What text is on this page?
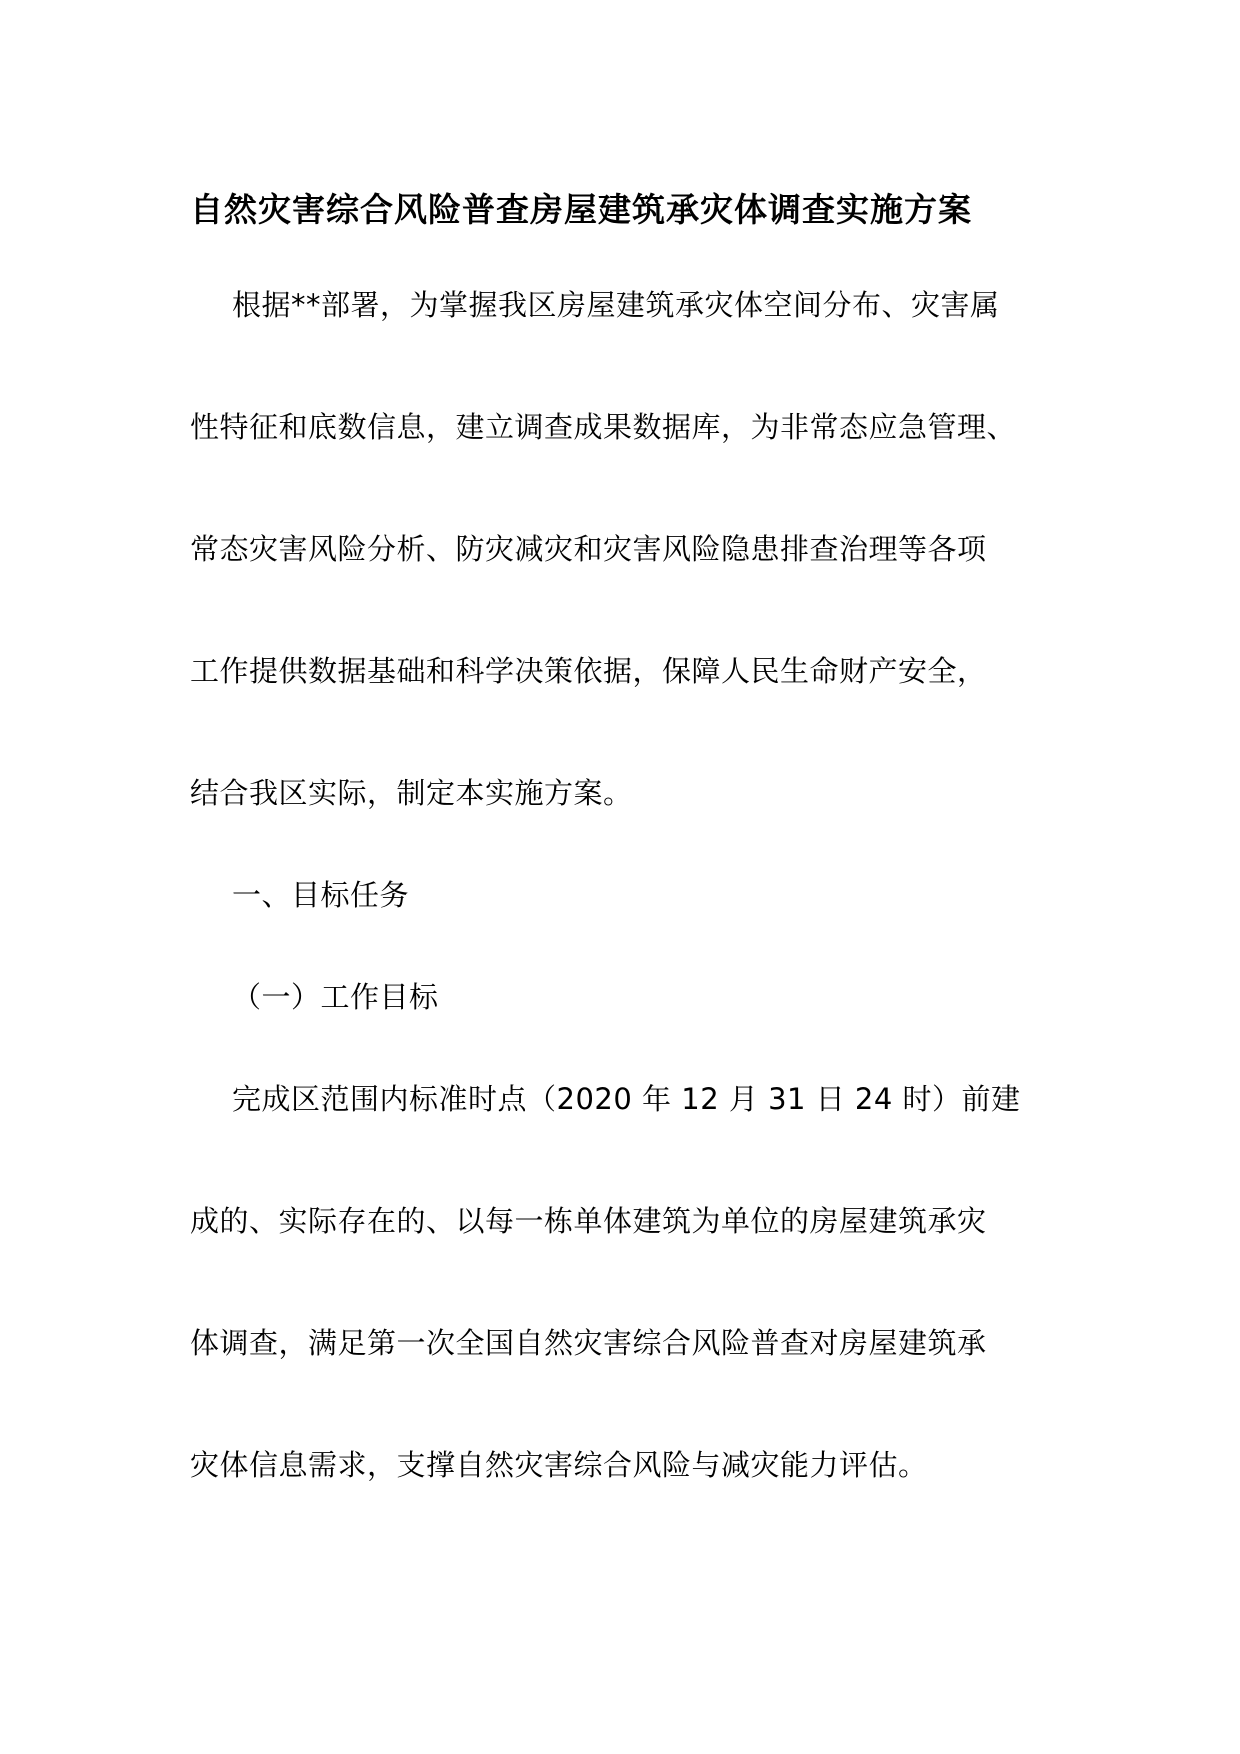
自然灾害综合风险普查房屋建筑承灾体调查实施方案
根据**部署，为掌握我区房屋建筑承灾体空间分布、灾害属
性特征和底数信息，建立调查成果数据库，为非常态应急管理、
常态灾害风险分析、防灾减灾和灾害风险隐患排查治理等各项
工作提供数据基础和科学决策依据，保障人民生命财产安全，
结合我区实际，制定本实施方案。
一、目标任务
（一）工作目标
完成区范围内标准时点（2020 年 12 月 31 日 24 时）前建
成的、实际存在的、以每一栋单体建筑为单位的房屋建筑承灾
体调查，满足第一次全国自然灾害综合风险普查对房屋建筑承
灾体信息需求，支撑自然灾害综合风险与减灾能力评估。
